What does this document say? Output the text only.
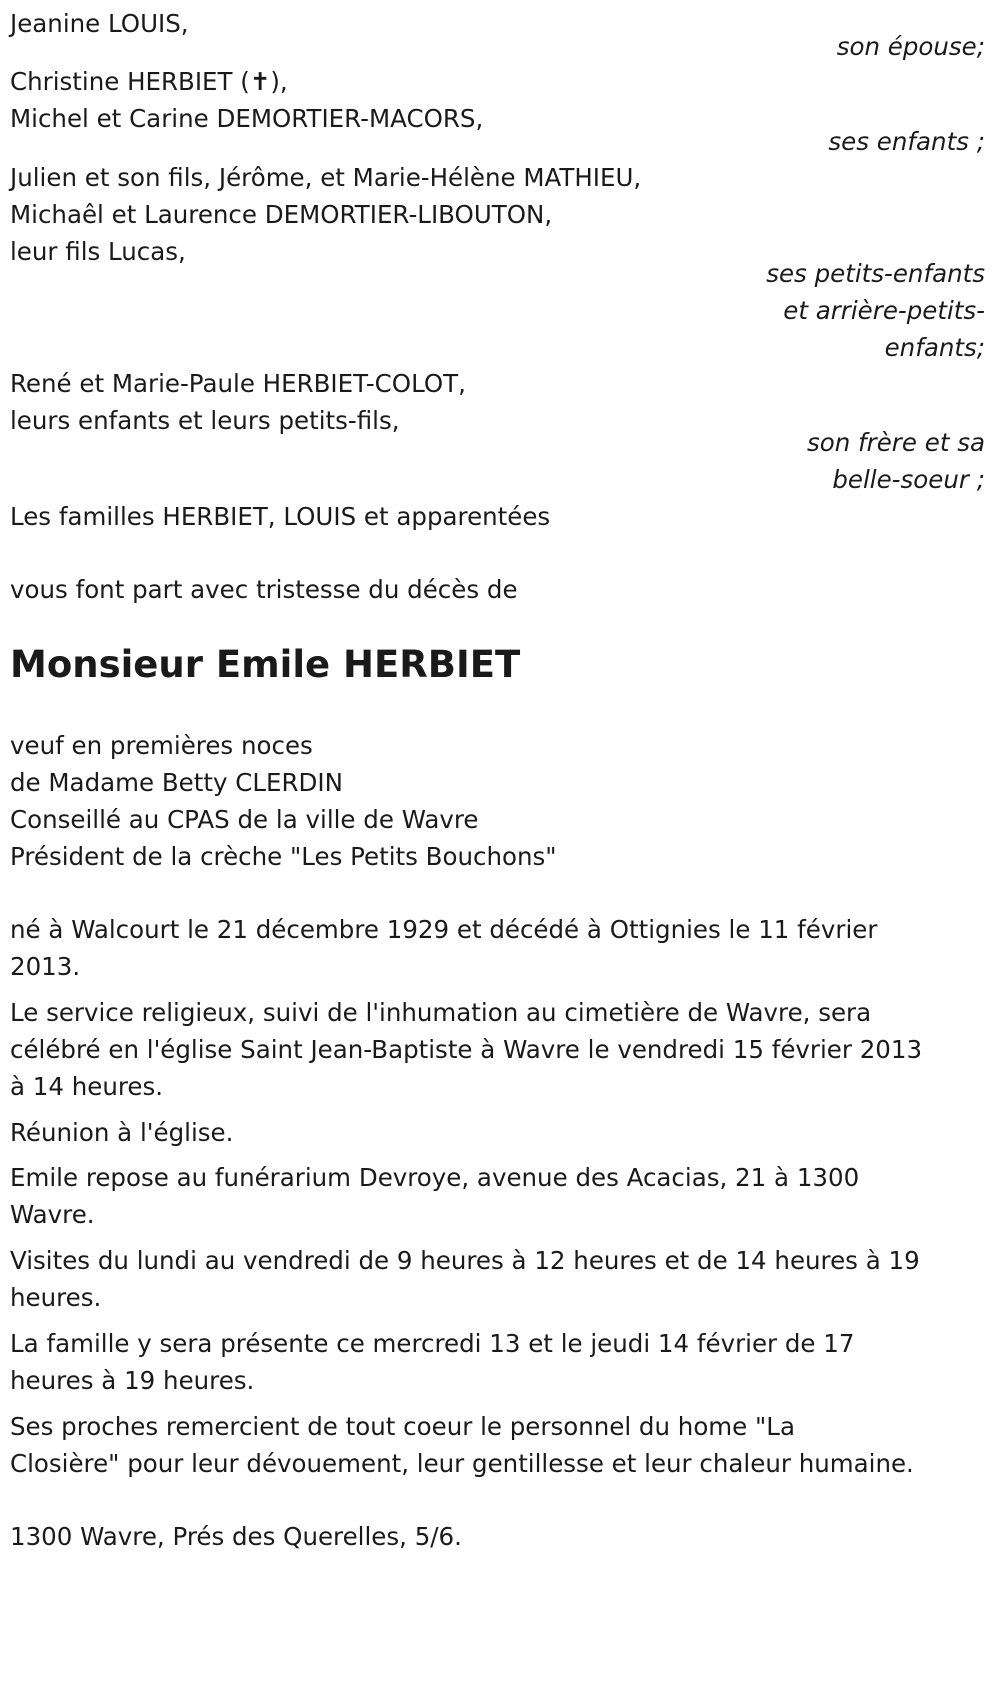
Jeanine LOUIS,
son épouse;
Christine HERBIET (✝),
Michel et Carine DEMORTIER-MACORS,
ses enfants ;
Julien et son fils, Jérôme, et Marie-Hélène MATHIEU,
Michaêl et Laurence DEMORTIER-LIBOUTON,
leur fils Lucas,
ses petits-enfants
et arrière-petits-
enfants;
René et Marie-Paule HERBIET-COLOT,
leurs enfants et leurs petits-fils,
son frère et sa
belle-soeur ;
Les familles HERBIET, LOUIS et apparentées
vous font part avec tristesse du décès de
Monsieur Emile HERBIET
veuf en premières noces
de Madame Betty CLERDIN
Conseillé au CPAS de la ville de Wavre
Président de la crèche "Les Petits Bouchons"
né à Walcourt le 21 décembre 1929 et décédé à Ottignies le 11 février
2013.
Le service religieux, suivi de l'inhumation au cimetière de Wavre, sera
célébré en l'église Saint Jean-Baptiste à Wavre le vendredi 15 février 2013
à 14 heures.
Réunion à l'église.
Emile repose au funérarium Devroye, avenue des Acacias, 21 à 1300
Wavre.
Visites du lundi au vendredi de 9 heures à 12 heures et de 14 heures à 19
heures.
La famille y sera présente ce mercredi 13 et le jeudi 14 février de 17
heures à 19 heures.
Ses proches remercient de tout coeur le personnel du home "La
Closière" pour leur dévouement, leur gentillesse et leur chaleur humaine.
1300 Wavre, Prés des Querelles, 5/6.
